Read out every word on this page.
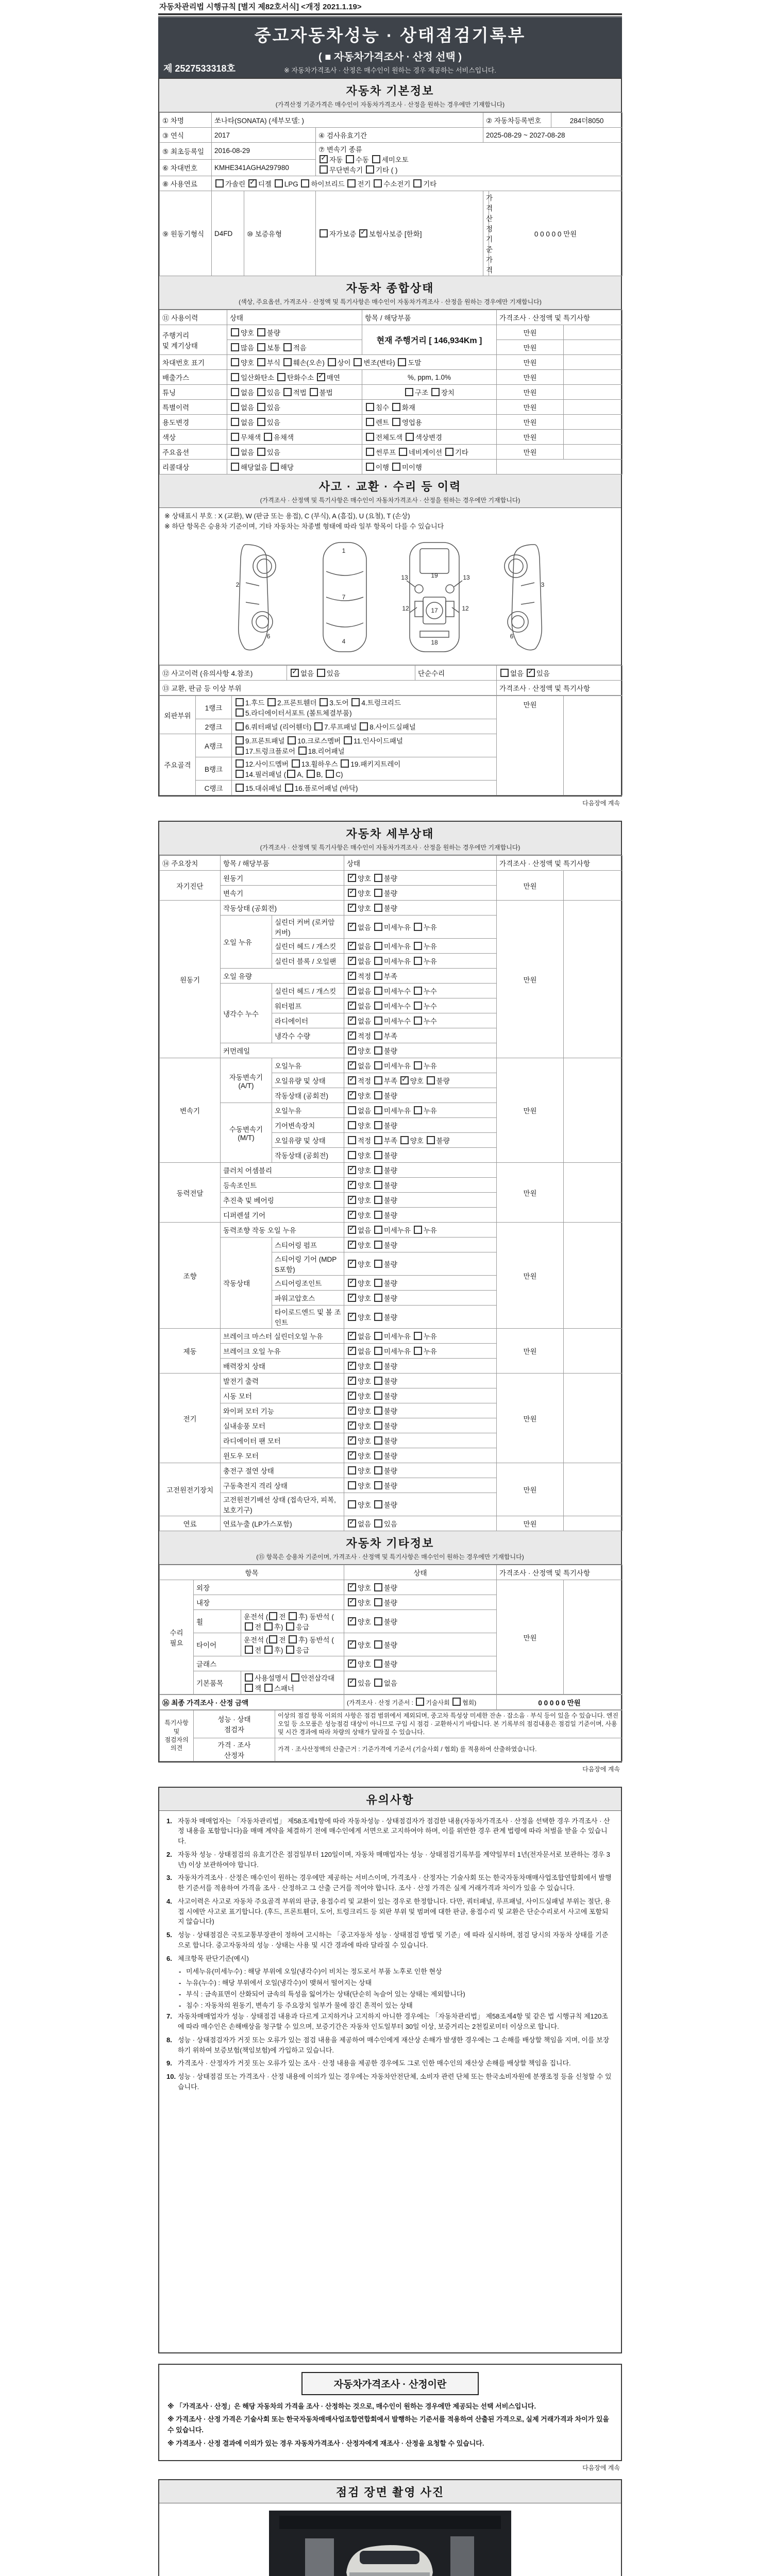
자동차관리법 시행규칙 [별지 제82호서식] <개정 2021.1.19>
중고자동차성능 · 상태점검기록부
( ■ 자동차가격조사 · 산정 선택 )
※ 자동차가격조사 · 산정은 매수인이 원하는 경우 제공하는 서비스입니다.
제 2527533318호
자동차 기본정보
(가격산정 기준가격은 매수인이 자동차가격조사 · 산정을 원하는 경우에만 기재합니다)
① 차명	쏘나타(SONATA) (세부모델: )			② 자동차등록번호		284더8050
③ 연식	2017		④ 검사유효기간	2025-08-29 ~ 2027-08-28		
⑤ 최초등록일	2016-08-29		⑦ 변속기 종류
✓자동 수동 세미오토
무단변속기 기타 ( )
⑥ 차대번호	KMHE341AGHA297980					
⑧ 사용연료	가솔린 ✓디젤 LPG 하이브리드 전기 수소전기 기타
⑨ 원동기형식	D4FD	⑩ 보증유형	자가보증 ✓보험사보증 [한화]	가격산정 기준가격	0 0 0 0 0 만원	
자동차 종합상태
(색상, 주요옵션, 가격조사 · 산정액 및 특기사항은 매수인이 자동차가격조사 · 산정을 원하는 경우에만 기재합니다)
⑪ 사용이력	상태	항목 / 해당부품	가격조사 · 산정액 및 특기사항	
주행거리
및 계기상태	양호 불량	현재 주행거리 [ 146,934Km ]	만원	
	많음 보통 적음		만원	
차대번호 표기	양호 부식 훼손(오손) 상이 변조(변타) 도말		만원	
배출가스	일산화탄소 탄화수소 ✓매연	%, ppm, 1.0%	만원	
튜닝	없음 있음 적법 불법	구조 장치	만원	
특별이력	없음 있음	침수 화재	만원	
용도변경	없음 있음	렌트 영업용	만원	
색상	무채색 유채색	전체도색 색상변경	만원	
주요옵션	없음 있음	썬루프 네비게이션 기타	만원	
리콜대상	해당없음 해당	이행 미이행		
사고 · 교환 · 수리 등 이력
(가격조사 · 산정액 및 특기사항은 매수인이 자동차가격조사 · 산정을 원하는 경우에만 기재합니다)
※ 상태표시 부호 : X (교환), W (판금 또는 용접), C (부식), A (흠집), U (요철), T (손상)
※ 하단 항목은 승용차 기준이며, 기타 자동차는 차종별 형태에 따라 일부 항목이 다를 수 있습니다
2
6
1
7
4
13	19	13
12	17	12
18
3
6
⑫ 사고이력 (유의사항 4.참조)	✓없음 있음	단순수리	없음 ✓있음
⑬ 교환, 판금 등 이상 부위			가격조사 · 산정액 및 특기사항
외판부위	1랭크	1.후드 2.프론트휀더 3.도어 4.트렁크리드
5.라디에이터서포트 (볼트체결부품)	만원	
	2랭크	6.쿼터패널 (리어휀더) 7.루프패널 8.사이드실패널		
주요골격	A랭크	9.프론트패널 10.크로스멤버 11.인사이드패널
17.트렁크플로어 18.리어패널		
	B랭크	12.사이드멤버 13.휠하우스 19.패키지트레이
14.필러패널 ( A, B, C)		
	C랭크	15.대쉬패널 16.플로어패널 (바닥)		
다음장에 계속
자동차 세부상태
(가격조사 · 산정액 및 특기사항은 매수인이 자동차가격조사 · 산정을 원하는 경우에만 기재합니다)
⑭ 주요장치	항목 / 해당부품		상태	가격조사 · 산정액 및 특기사항	
자기진단	원동기	✓양호 불량	만원	
	변속기	✓양호 불량
원동기	작동상태 (공회전)	✓양호 불량	만원	
	오일 누유	실린더 커버 (로커암 커버)	✓없음 미세누유 누유
		실린더 헤드 / 개스킷	✓없음 미세누유 누유
		실린더 블록 / 오일팬	✓없음 미세누유 누유
	오일 유량	✓적정 부족
	냉각수 누수	실린더 헤드 / 개스킷	✓없음 미세누수 누수
		워터펌프	✓없음 미세누수 누수
		라디에이터	✓없음 미세누수 누수
		냉각수 수량	✓적정 부족
	커먼레일	✓양호 불량
변속기	자동변속기
(A/T)	오일누유	✓없음 미세누유 누유	만원	
		오일유량 및 상태	✓적정 부족 ✓양호 불량
		작동상태 (공회전)	✓양호 불량
	수동변속기
(M/T)	오일누유	없음 미세누유 누유		
		기어변속장치	양호 불량		
		오일유량 및 상태	적정 부족 양호 불량		
		작동상태 (공회전)	양호 불량		
동력전달	클러치 어셈블리	✓양호 불량	만원	
	등속조인트	✓양호 불량
	추진축 및 베어링	✓양호 불량
	디퍼렌셜 기어	✓양호 불량
조향	동력조향 작동 오일 누유	✓없음 미세누유 누유	만원	
	작동상태	스티어링 펌프	✓양호 불량
		스티어링 기어 (MDPS포함)	✓양호 불량
		스티어링조인트	✓양호 불량
		파워고압호스	✓양호 불량
		타이로드엔드 및 볼 조인트	✓양호 불량
제동	브레이크 마스터 실린더오일 누유	✓없음 미세누유 누유	만원	
	브레이크 오일 누유	✓없음 미세누유 누유
	배력장치 상태	✓양호 불량
전기	발전기 출력	✓양호 불량	만원	
	시동 모터	✓양호 불량
	와이퍼 모터 기능	✓양호 불량
	실내송풍 모터	✓양호 불량
	라디에이터 팬 모터	✓양호 불량
	윈도우 모터	✓양호 불량
고전원전기장치	충전구 절연 상태		양호 불량	만원	
	구동축전지 격리 상태		양호 불량		
	고전원전기배선 상태 (접속단자, 피복, 보호기구)		양호 불량		
연료	연료누출 (LP가스포함)	✓없음 있음	만원	
자동차 기타정보
(⑮ 항목은 승용차 기준이며, 가격조사 · 산정액 및 특기사항은 매수인이 원하는 경우에만 기재합니다)
항목			상태	가격조사 · 산정액 및 특기사항	
수리
필요	외장	✓양호 불량	만원	
	내장	✓양호 불량
	휠	운전석 ( 전 후) 동반석 (전 후) 응급	✓양호 불량
	타이어	운전석 ( 전 후) 동반석 (전 후) 응급	✓양호 불량
	글래스	✓양호 불량
	기본품목	사용설명서 안전삼각대 잭 스패너	✓있음 없음
⑯ 최종 가격조사 · 산정 금액	(가격조사 · 산정 기준서 : 기술사회 협회)	0 0 0 0 0 만원
특기사항 및
점검자의 의견	성능 · 상태
점검자	이상의 점검 항목 이외의 사항은 점검 범위에서 제외되며, 중고차 특성상 미세한 잔손 · 잡소음 · 부식 등이 있을 수 있습니다. 엔진오일 등 소모품은 성능점검 대상이 아니므로 구입 시 점검 · 교환하시기 바랍니다. 본 기록부의 점검내용은 점검일 기준이며, 사용 및 시간 경과에 따라 차량의 상태가 달라질 수 있습니다.
	가격 · 조사
산정자	가격 · 조사산정액의 산출근거 : 기준가격에 기준서 (기술사회 / 협회) 를 적용하여 산출하였습니다.
다음장에 계속
유의사항
1. 자동차 매매업자는 「자동차관리법」 제58조제1항에 따라 자동차성능 · 상태점검자가 점검한 내용(자동차가격조사 · 산정을 선택한 경우 가격조사 · 산정 내용을 포함합니다)을 매매 계약을 체결하기 전에 매수인에게 서면으로 고지하여야 하며, 이를 위반한 경우 관계 법령에 따라 처벌을 받을 수 있습니다.
2. 자동차 성능 · 상태점검의 유효기간은 점검일부터 120일이며, 자동차 매매업자는 성능 · 상태점검기록부를 계약일부터 1년(전자문서로 보관하는 경우 3년) 이상 보관하여야 합니다.
3. 자동차가격조사 · 산정은 매수인이 원하는 경우에만 제공하는 서비스이며, 가격조사 · 산정자는 기술사회 또는 한국자동차매매사업조합연합회에서 발행한 기준서를 적용하여 가격을 조사 · 산정하고 그 산출 근거를 적어야 합니다. 조사 · 산정 가격은 실제 거래가격과 차이가 있을 수 있습니다.
4. 사고이력은 사고로 자동차 주요골격 부위의 판금, 용접수리 및 교환이 있는 경우로 한정합니다. 다만, 쿼터패널, 루프패널, 사이드실패널 부위는 절단, 용접 시에만 사고로 표기합니다. (후드, 프론트휀더, 도어, 트렁크리드 등 외판 부위 및 범퍼에 대한 판금, 용접수리 및 교환은 단순수리로서 사고에 포함되지 않습니다)
5. 성능 · 상태점검은 국토교통부장관이 정하여 고시하는 「중고자동차 성능 · 상태점검 방법 및 기준」에 따라 실시하며, 점검 당시의 자동차 상태를 기준으로 합니다. 중고자동차의 성능 · 상태는 사용 및 시간 경과에 따라 달라질 수 있습니다.
6. 체크항목 판단기준(예시)
- 미세누유(미세누수) : 해당 부위에 오일(냉각수)이 비치는 정도로서 부품 노후로 인한 현상
- 누유(누수) : 해당 부위에서 오일(냉각수)이 맺혀서 떨어지는 상태
- 부식 : 금속표면이 산화되어 금속의 특성을 잃어가는 상태(단순히 녹슬어 있는 상태는 제외합니다)
- 침수 : 자동차의 원동기, 변속기 등 주요장치 일부가 물에 잠긴 흔적이 있는 상태
7. 자동차매매업자가 성능 · 상태점검 내용과 다르게 고지하거나 고지하지 아니한 경우에는 「자동차관리법」 제58조제4항 및 같은 법 시행규칙 제120조에 따라 매수인은 손해배상을 청구할 수 있으며, 보증기간은 자동차 인도일부터 30일 이상, 보증거리는 2천킬로미터 이상으로 합니다.
8. 성능 · 상태점검자가 거짓 또는 오류가 있는 점검 내용을 제공하여 매수인에게 재산상 손해가 발생한 경우에는 그 손해를 배상할 책임을 지며, 이를 보장하기 위하여 보증보험(책임보험)에 가입하고 있습니다.
9. 가격조사 · 산정자가 거짓 또는 오류가 있는 조사 · 산정 내용을 제공한 경우에도 그로 인한 매수인의 재산상 손해를 배상할 책임을 집니다.
10. 성능 · 상태점검 또는 가격조사 · 산정 내용에 이의가 있는 경우에는 자동차안전단체, 소비자 관련 단체 또는 한국소비자원에 분쟁조정 등을 신청할 수 있습니다.
자동차가격조사 · 산정이란
※ 「가격조사 · 산정」은 해당 자동차의 가격을 조사 · 산정하는 것으로, 매수인이 원하는 경우에만 제공되는 선택 서비스입니다.
※ 가격조사 · 산정 가격은 기술사회 또는 한국자동차매매사업조합연합회에서 발행하는 기준서를 적용하여 산출된 가격으로, 실제 거래가격과 차이가 있을 수 있습니다.
※ 가격조사 · 산정 결과에 이의가 있는 경우 자동차가격조사 · 산정자에게 재조사 · 산정을 요청할 수 있습니다.
다음장에 계속
점검 장면 촬영 사진
